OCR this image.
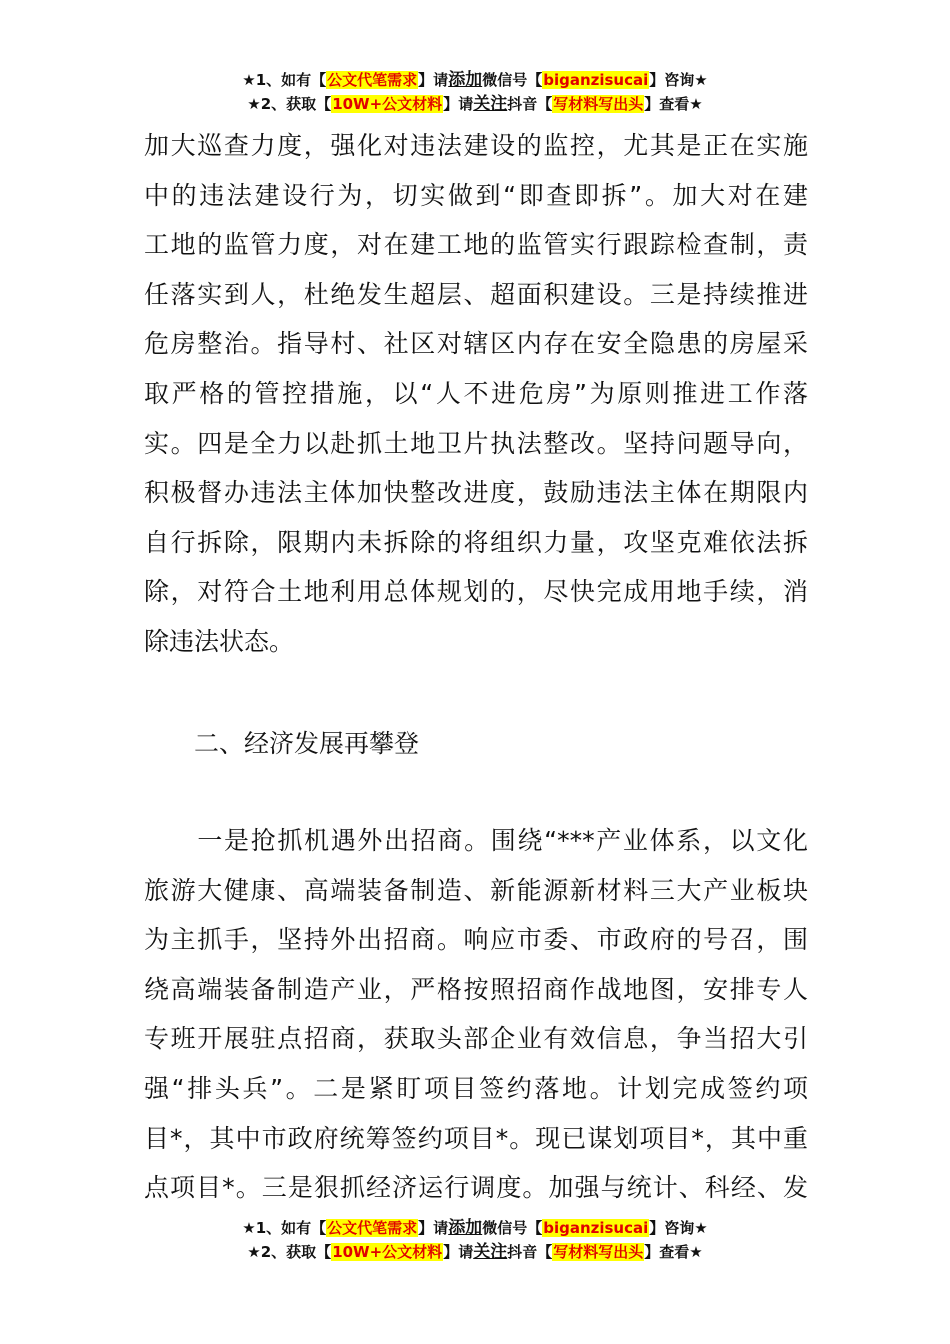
★1、如有【公文代笔需求】请添加微信号【biganzisucai】咨询★
★2、获取【10W+公文材料】请关注抖音【写材料写出头】查看★
加大巡查力度，强化对违法建设的监控，尤其是正在实施
中的违法建设行为，切实做到“即查即拆”。加大对在建
工地的监管力度，对在建工地的监管实行跟踪检查制，责
任落实到人，杜绝发生超层、超面积建设。三是持续推进
危房整治。指导村、社区对辖区内存在安全隐患的房屋采
取严格的管控措施，以“人不进危房”为原则推进工作落
实。四是全力以赴抓土地卫片执法整改。坚持问题导向，
积极督办违法主体加快整改进度，鼓励违法主体在期限内
自行拆除，限期内未拆除的将组织力量，攻坚克难依法拆
除，对符合土地利用总体规划的，尽快完成用地手续，消
除违法状态。
二、经济发展再攀登
　　一是抢抓机遇外出招商。围绕“***产业体系，以文化
旅游大健康、高端装备制造、新能源新材料三大产业板块
为主抓手，坚持外出招商。响应市委、市政府的号召，围
绕高端装备制造产业，严格按照招商作战地图，安排专人
专班开展驻点招商，获取头部企业有效信息，争当招大引
强“排头兵”。二是紧盯项目签约落地。计划完成签约项
目*，其中市政府统筹签约项目*。现已谋划项目*，其中重
点项目*。三是狠抓经济运行调度。加强与统计、科经、发
★1、如有【公文代笔需求】请添加微信号【biganzisucai】咨询★
★2、获取【10W+公文材料】请关注抖音【写材料写出头】查看★
